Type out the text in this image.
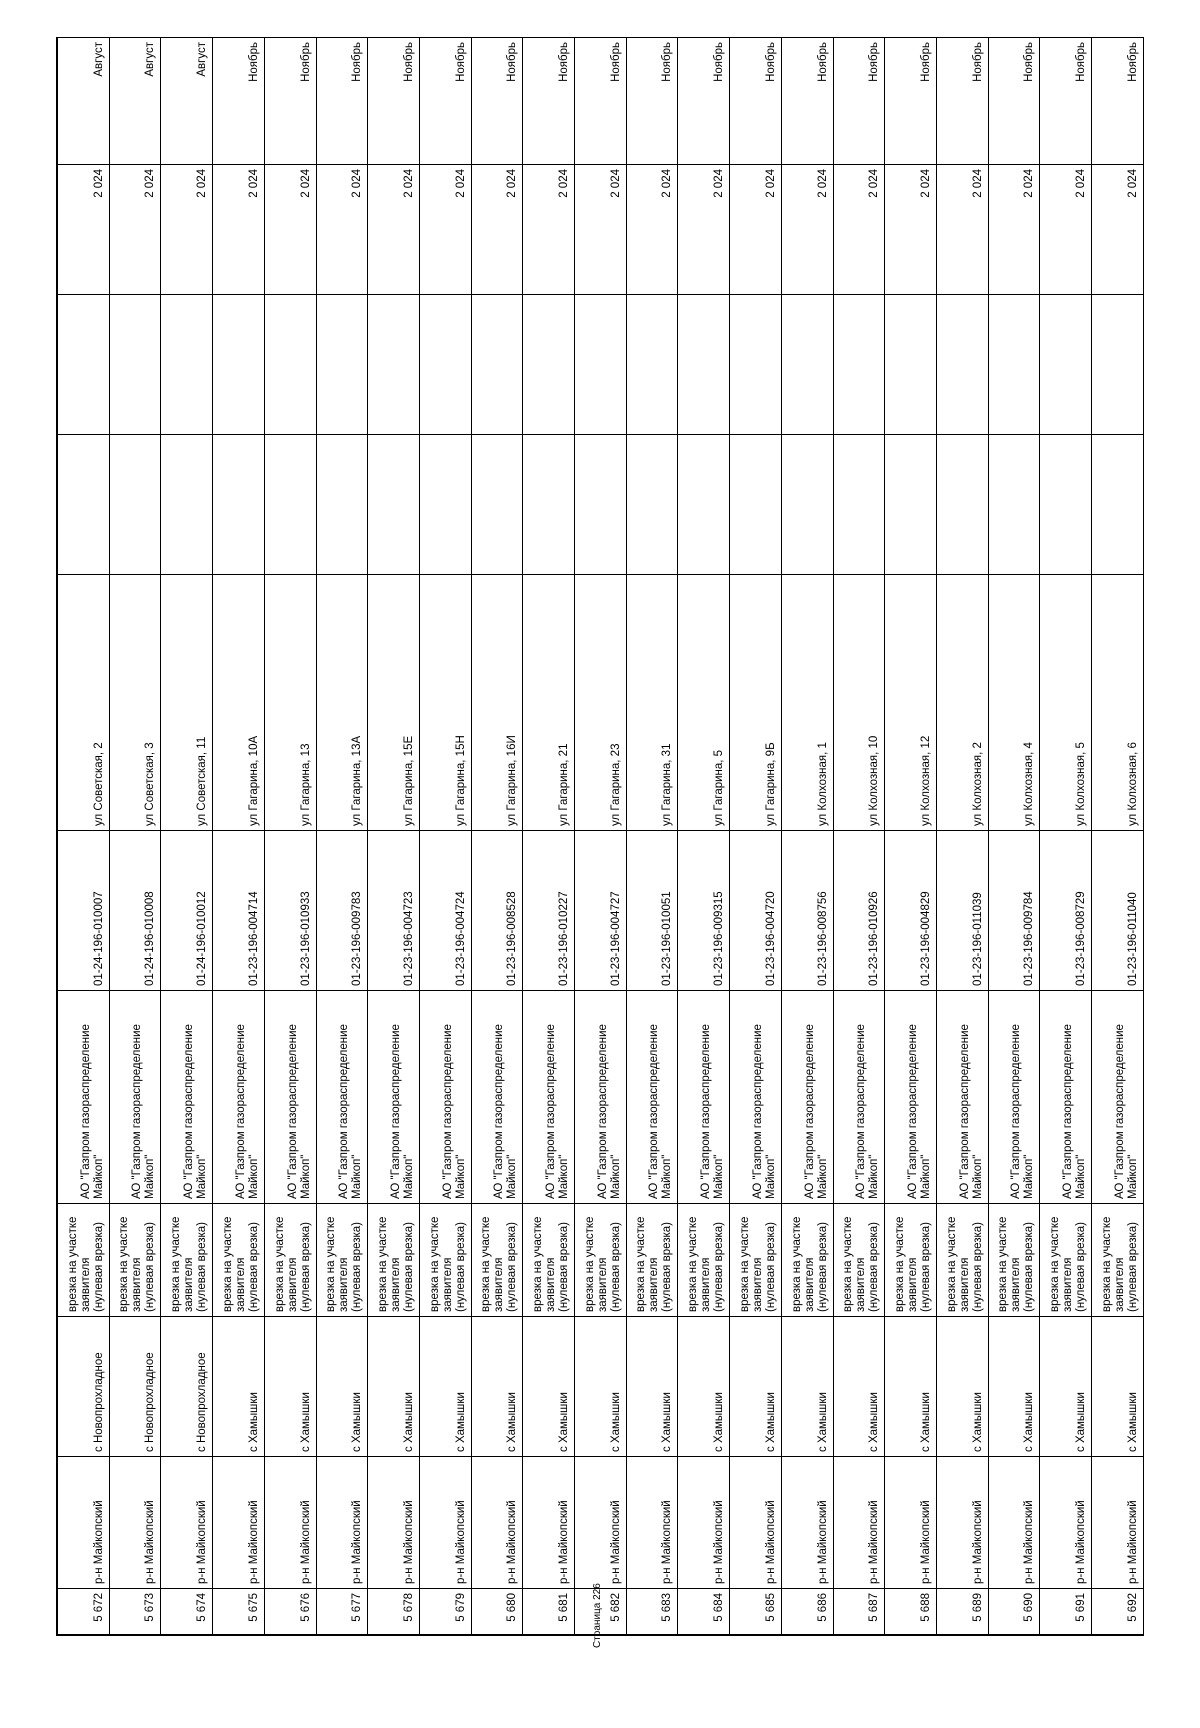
5 672	р-н Майкопский	с Новопрохладное	врезка на участке заявителя (нулевая врезка)	АО "Газпром газораспределение Майкоп"	01-24-196-010007	ул Советская, 2			2 024	Август
5 673	р-н Майкопский	с Новопрохладное	врезка на участке заявителя (нулевая врезка)	АО "Газпром газораспределение Майкоп"	01-24-196-010008	ул Советская, 3			2 024	Август
5 674	р-н Майкопский	с Новопрохладное	врезка на участке заявителя (нулевая врезка)	АО "Газпром газораспределение Майкоп"	01-24-196-010012	ул Советская, 11			2 024	Август
5 675	р-н Майкопский	с Хамышки	врезка на участке заявителя (нулевая врезка)	АО "Газпром газораспределение Майкоп"	01-23-196-004714	ул Гагарина, 10А			2 024	Ноябрь
5 676	р-н Майкопский	с Хамышки	врезка на участке заявителя (нулевая врезка)	АО "Газпром газораспределение Майкоп"	01-23-196-010933	ул Гагарина, 13			2 024	Ноябрь
5 677	р-н Майкопский	с Хамышки	врезка на участке заявителя (нулевая врезка)	АО "Газпром газораспределение Майкоп"	01-23-196-009783	ул Гагарина, 13А			2 024	Ноябрь
5 678	р-н Майкопский	с Хамышки	врезка на участке заявителя (нулевая врезка)	АО "Газпром газораспределение Майкоп"	01-23-196-004723	ул Гагарина, 15Е			2 024	Ноябрь
5 679	р-н Майкопский	с Хамышки	врезка на участке заявителя (нулевая врезка)	АО "Газпром газораспределение Майкоп"	01-23-196-004724	ул Гагарина, 15Н			2 024	Ноябрь
5 680	р-н Майкопский	с Хамышки	врезка на участке заявителя (нулевая врезка)	АО "Газпром газораспределение Майкоп"	01-23-196-008528	ул Гагарина, 16И			2 024	Ноябрь
5 681	р-н Майкопский	с Хамышки	врезка на участке заявителя (нулевая врезка)	АО "Газпром газораспределение Майкоп"	01-23-196-010227	ул Гагарина, 21			2 024	Ноябрь
5 682	р-н Майкопский	с Хамышки	врезка на участке заявителя (нулевая врезка)	АО "Газпром газораспределение Майкоп"	01-23-196-004727	ул Гагарина, 23			2 024	Ноябрь
5 683	р-н Майкопский	с Хамышки	врезка на участке заявителя (нулевая врезка)	АО "Газпром газораспределение Майкоп"	01-23-196-010051	ул Гагарина, 31			2 024	Ноябрь
5 684	р-н Майкопский	с Хамышки	врезка на участке заявителя (нулевая врезка)	АО "Газпром газораспределение Майкоп"	01-23-196-009315	ул Гагарина, 5			2 024	Ноябрь
5 685	р-н Майкопский	с Хамышки	врезка на участке заявителя (нулевая врезка)	АО "Газпром газораспределение Майкоп"	01-23-196-004720	ул Гагарина, 9Б			2 024	Ноябрь
5 686	р-н Майкопский	с Хамышки	врезка на участке заявителя (нулевая врезка)	АО "Газпром газораспределение Майкоп"	01-23-196-008756	ул Колхозная, 1			2 024	Ноябрь
5 687	р-н Майкопский	с Хамышки	врезка на участке заявителя (нулевая врезка)	АО "Газпром газораспределение Майкоп"	01-23-196-010926	ул Колхозная, 10			2 024	Ноябрь
5 688	р-н Майкопский	с Хамышки	врезка на участке заявителя (нулевая врезка)	АО "Газпром газораспределение Майкоп"	01-23-196-004829	ул Колхозная, 12			2 024	Ноябрь
5 689	р-н Майкопский	с Хамышки	врезка на участке заявителя (нулевая врезка)	АО "Газпром газораспределение Майкоп"	01-23-196-011039	ул Колхозная, 2			2 024	Ноябрь
5 690	р-н Майкопский	с Хамышки	врезка на участке заявителя (нулевая врезка)	АО "Газпром газораспределение Майкоп"	01-23-196-009784	ул Колхозная, 4			2 024	Ноябрь
5 691	р-н Майкопский	с Хамышки	врезка на участке заявителя (нулевая врезка)	АО "Газпром газораспределение Майкоп"	01-23-196-008729	ул Колхозная, 5			2 024	Ноябрь
5 692	р-н Майкопский	с Хамышки	врезка на участке заявителя (нулевая врезка)	АО "Газпром газораспределение Майкоп"	01-23-196-011040	ул Колхозная, 6			2 024	Ноябрь
Страница 226
